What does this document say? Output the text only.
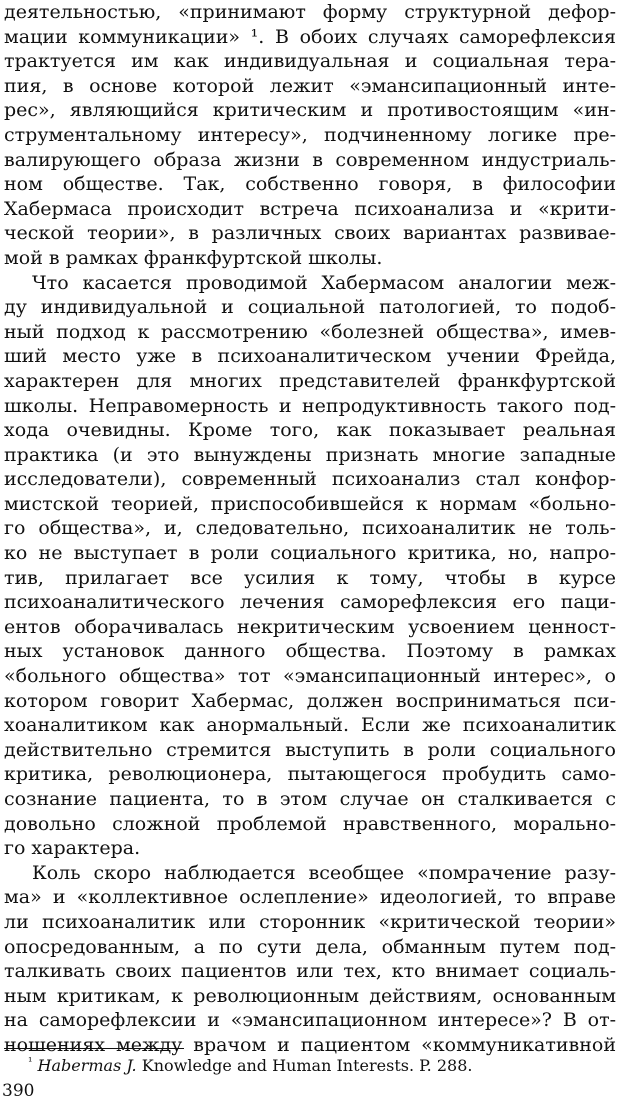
деятельностью, «принимают форму структурной дефор-
мации коммуникации» ¹. В обоих случаях саморефлексия
трактуется им как индивидуальная и социальная тера-
пия, в основе которой лежит «эмансипационный инте-
рес», являющийся критическим и противостоящим «ин-
струментальному интересу», подчиненному логике пре-
валирующего образа жизни в современном индустриаль-
ном обществе. Так, собственно говоря, в философии
Хабермаса происходит встреча психоанализа и «крити-
ческой теории», в различных своих вариантах развивае-
мой в рамках франкфуртской школы.
Что касается проводимой Хабермасом аналогии меж-
ду индивидуальной и социальной патологией, то подоб-
ный подход к рассмотрению «болезней общества», имев-
ший место уже в психоаналитическом учении Фрейда,
характерен для многих представителей франкфуртской
школы. Неправомерность и непродуктивность такого под-
хода очевидны. Кроме того, как показывает реальная
практика (и это вынуждены признать многие западные
исследователи), современный психоанализ стал конфор-
мистской теорией, приспособившейся к нормам «больно-
го общества», и, следовательно, психоаналитик не толь-
ко не выступает в роли социального критика, но, напро-
тив, прилагает все усилия к тому, чтобы в курсе
психоаналитического лечения саморефлексия его паци-
ентов оборачивалась некритическим усвоением ценност-
ных установок данного общества. Поэтому в рамках
«больного общества» тот «эмансипационный интерес», о
котором говорит Хабермас, должен восприниматься пси-
хоаналитиком как анормальный. Если же психоаналитик
действительно стремится выступить в роли социального
критика, революционера, пытающегося пробудить само-
сознание пациента, то в этом случае он сталкивается с
довольно сложной проблемой нравственного, морально-
го характера.
Коль скоро наблюдается всеобщее «помрачение разу-
ма» и «коллективное ослепление» идеологией, то вправе
ли психоаналитик или сторонник «критической теории»
опосредованным, а по сути дела, обманным путем под-
талкивать своих пациентов или тех, кто внимает социаль-
ным критикам, к революционным действиям, основанным
на саморефлексии и «эмансипационном интересе»? В от-
ношениях между врачом и пациентом «коммуникативной
$^{^1}$ Habermas J. Knowledge and Human Interests. P. 288.
390
